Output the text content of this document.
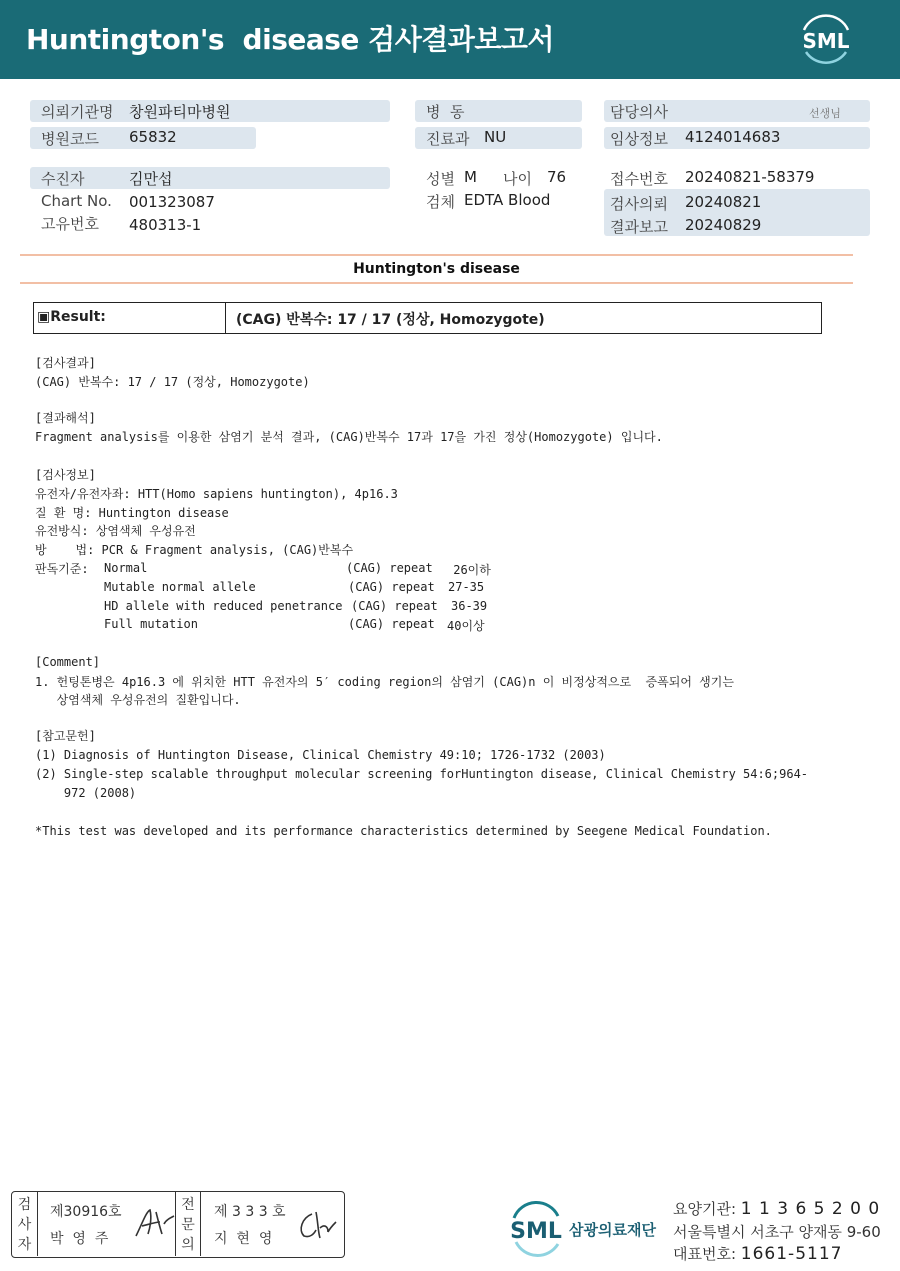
Huntington's  disease 검사결과보고서	SML
의뢰기관명 창원파티마병원
병원코드 65832
병  동
진료과 NU
담당의사	선생님
임상정보 4124014683
수진자	김만섭
Chart No. 001323087
고유번호 480313-1
성별 M 나이 76
검체 EDTA Blood
접수번호 20240821-58379
검사의뢰 20240821
결과보고 20240829
Huntington's disease
▣Result:	(CAG) 반복수: 17 / 17 (정상, Homozygote)
[검사결과]
(CAG) 반복수: 17 / 17 (정상, Homozygote)
[결과해석]
Fragment analysis를 이용한 삼염기 분석 결과, (CAG)반복수 17과 17을 가진 정상(Homozygote) 입니다.
[검사정보]
유전자/유전자좌: HTT(Homo sapiens huntington), 4p16.3
질 환 명: Huntington disease
유전방식: 상염색체 우성유전
방    법: PCR & Fragment analysis, (CAG)반복수
판독기준: Normal	(CAG) repeat 26이하
Mutable normal allele	(CAG) repeat 27-35
HD allele with reduced penetrance (CAG) repeat 36-39
Full mutation	(CAG) repeat 40이상
[Comment]
1. 헌팅톤병은 4p16.3 에 위치한 HTT 유전자의 5′ coding region의 삼염기 (CAG)n 이 비정상적으로  증폭되어 생기는
상염색체 우성유전의 질환입니다.
[참고문헌]
(1) Diagnosis of Huntington Disease, Clinical Chemistry 49:10; 1726-1732 (2003)
(2) Single-step scalable throughput molecular screening forHuntington disease, Clinical Chemistry 54:6;964-
972 (2008)
*This test was developed and its performance characteristics determined by Seegene Medical Foundation.
검사자
제30916호
박  영  주
전문의
제 3 3 3 호
지  현  영	SML 삼광의료재단
요양기관: 1 1 3 6 5 2 0 0
서울특별시 서초구 양재동 9-60
대표번호: 1661-5117
